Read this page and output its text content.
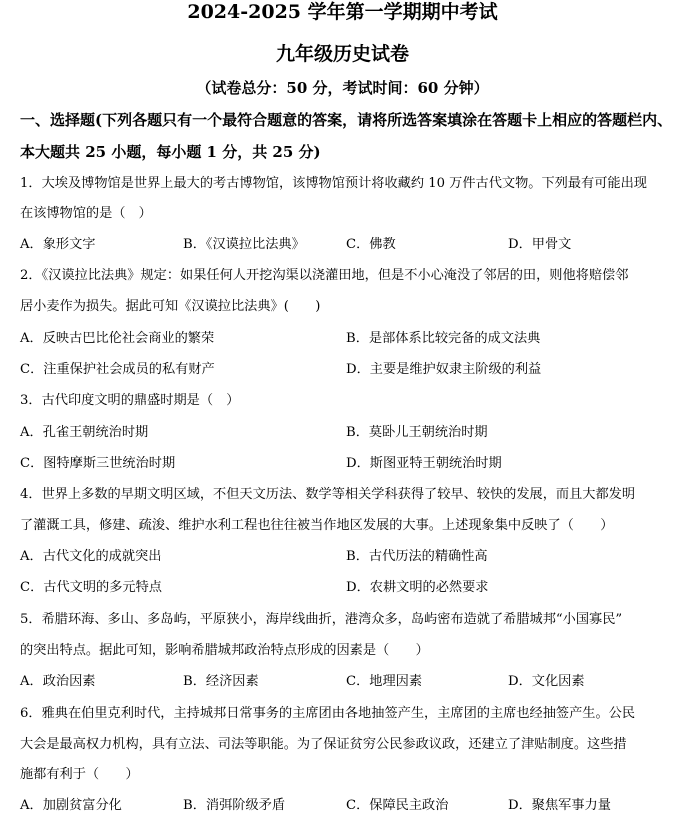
2024-2025 学年第一学期期中考试
九年级历史试卷
（试卷总分：50 分，考试时间：60 分钟）
一、选择题(下列各题只有一个最符合题意的答案，请将所选答案填涂在答题卡上相应的答题栏内、本大题共 25 小题，每小题 1 分，共 25 分)
1．大埃及博物馆是世界上最大的考古博物馆，该博物馆预计将收藏约 10 万件古代文物。下列最有可能出现
在该博物馆的是（　）
A．象形文字	B．《汉谟拉比法典》	C．佛教	D．甲骨文
2．《汉谟拉比法典》规定：如果任何人开挖沟渠以浇灌田地，但是不小心淹没了邻居的田，则他将赔偿邻
居小麦作为损失。据此可知《汉谟拉比法典》(　　)
A．反映古巴比伦社会商业的繁荣	B．是部体系比较完备的成文法典
C．注重保护社会成员的私有财产	D．主要是维护奴隶主阶级的利益
3．古代印度文明的鼎盛时期是（　）
A．孔雀王朝统治时期	B．莫卧儿王朝统治时期
C．图特摩斯三世统治时期	D．斯图亚特王朝统治时期
4．世界上多数的早期文明区域，不但天文历法、数学等相关学科获得了较早、较快的发展，而且大都发明
了灌溉工具，修建、疏浚、维护水利工程也往往被当作地区发展的大事。上述现象集中反映了（　　）
A．古代文化的成就突出	B．古代历法的精确性高
C．古代文明的多元特点	D．农耕文明的必然要求
5．希腊环海、多山、多岛屿，平原狭小，海岸线曲折，港湾众多，岛屿密布造就了希腊城邦“小国寡民”
的突出特点。据此可知，影响希腊城邦政治特点形成的因素是（　　）
A．政治因素	B．经济因素	C．地理因素	D．文化因素
6．雅典在伯里克利时代，主持城邦日常事务的主席团由各地抽签产生，主席团的主席也经抽签产生。公民
大会是最高权力机构，具有立法、司法等职能。为了保证贫穷公民参政议政，还建立了津贴制度。这些措
施都有利于（　　）
A．加剧贫富分化	B．消弭阶级矛盾	C．保障民主政治	D．聚焦军事力量
